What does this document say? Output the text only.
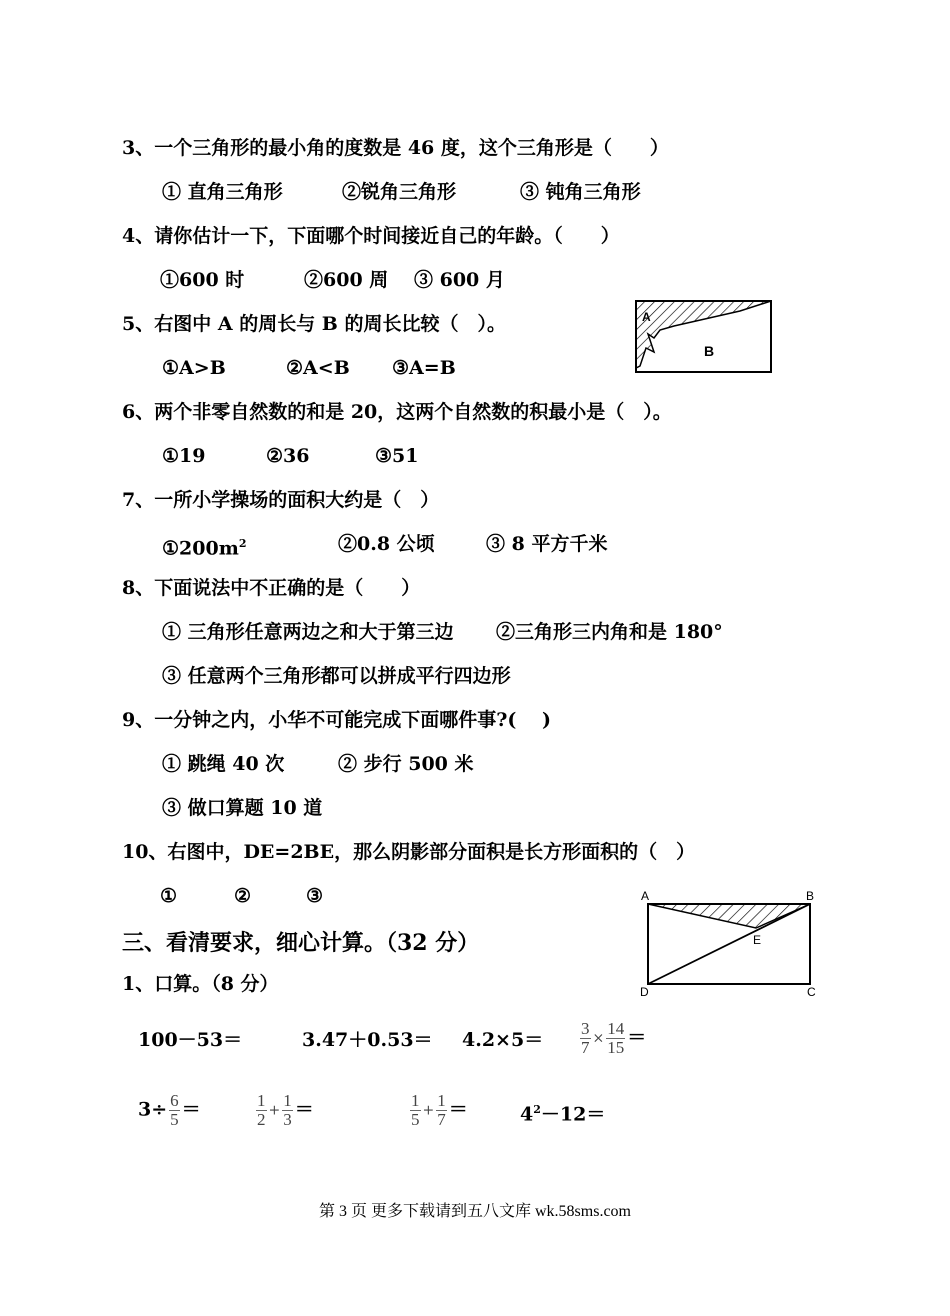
3、一个三角形的最小角的度数是 46 度，这个三角形是（　　）
① 直角三角形	②锐角三角形	③ 钝角三角形
4、请你估计一下，下面哪个时间接近自己的年龄。（　　）
①600 时	②600 周 ③ 600 月
5、右图中 A 的周长与 B 的周长比较（　）。
①A>B	②A<B ③A=B
A
B
6、两个非零自然数的和是 20，这两个自然数的积最小是（　）。
①19	②36	③51
7、一所小学操场的面积大约是（　）
$①200m^2$	②0.8 公顷	③ 8 平方千米
8、下面说法中不正确的是（　　）
① 三角形任意两边之和大于第三边 ②三角形三内角和是 180°
③ 任意两个三角形都可以拼成平行四边形
9、一分钟之内，小华不可能完成下面哪件事?(　 )
① 跳绳 40 次	② 步行 500 米
③ 做口算题 10 道
10、右图中，DE=2BE，那么阴影部分面积是长方形面积的（　）
①	②	③	A	B
C
D
E
三、看清要求，细心计算。（32 分）
1、口算。（8 分）
100－53＝	$3.47+0.53= 4.2\times 5= \frac{3}{7} \times \frac{14}{15}$ ＝
$3\div \frac{6}{5}$ ＝	$\frac{1}{2} + \frac{1}{3}$ ＝	$\frac{1}{5} + \frac{1}{7}$ ＝	$4^2-12=$
第 3 页 更多下载请到五八文库 wk.58sms.com
